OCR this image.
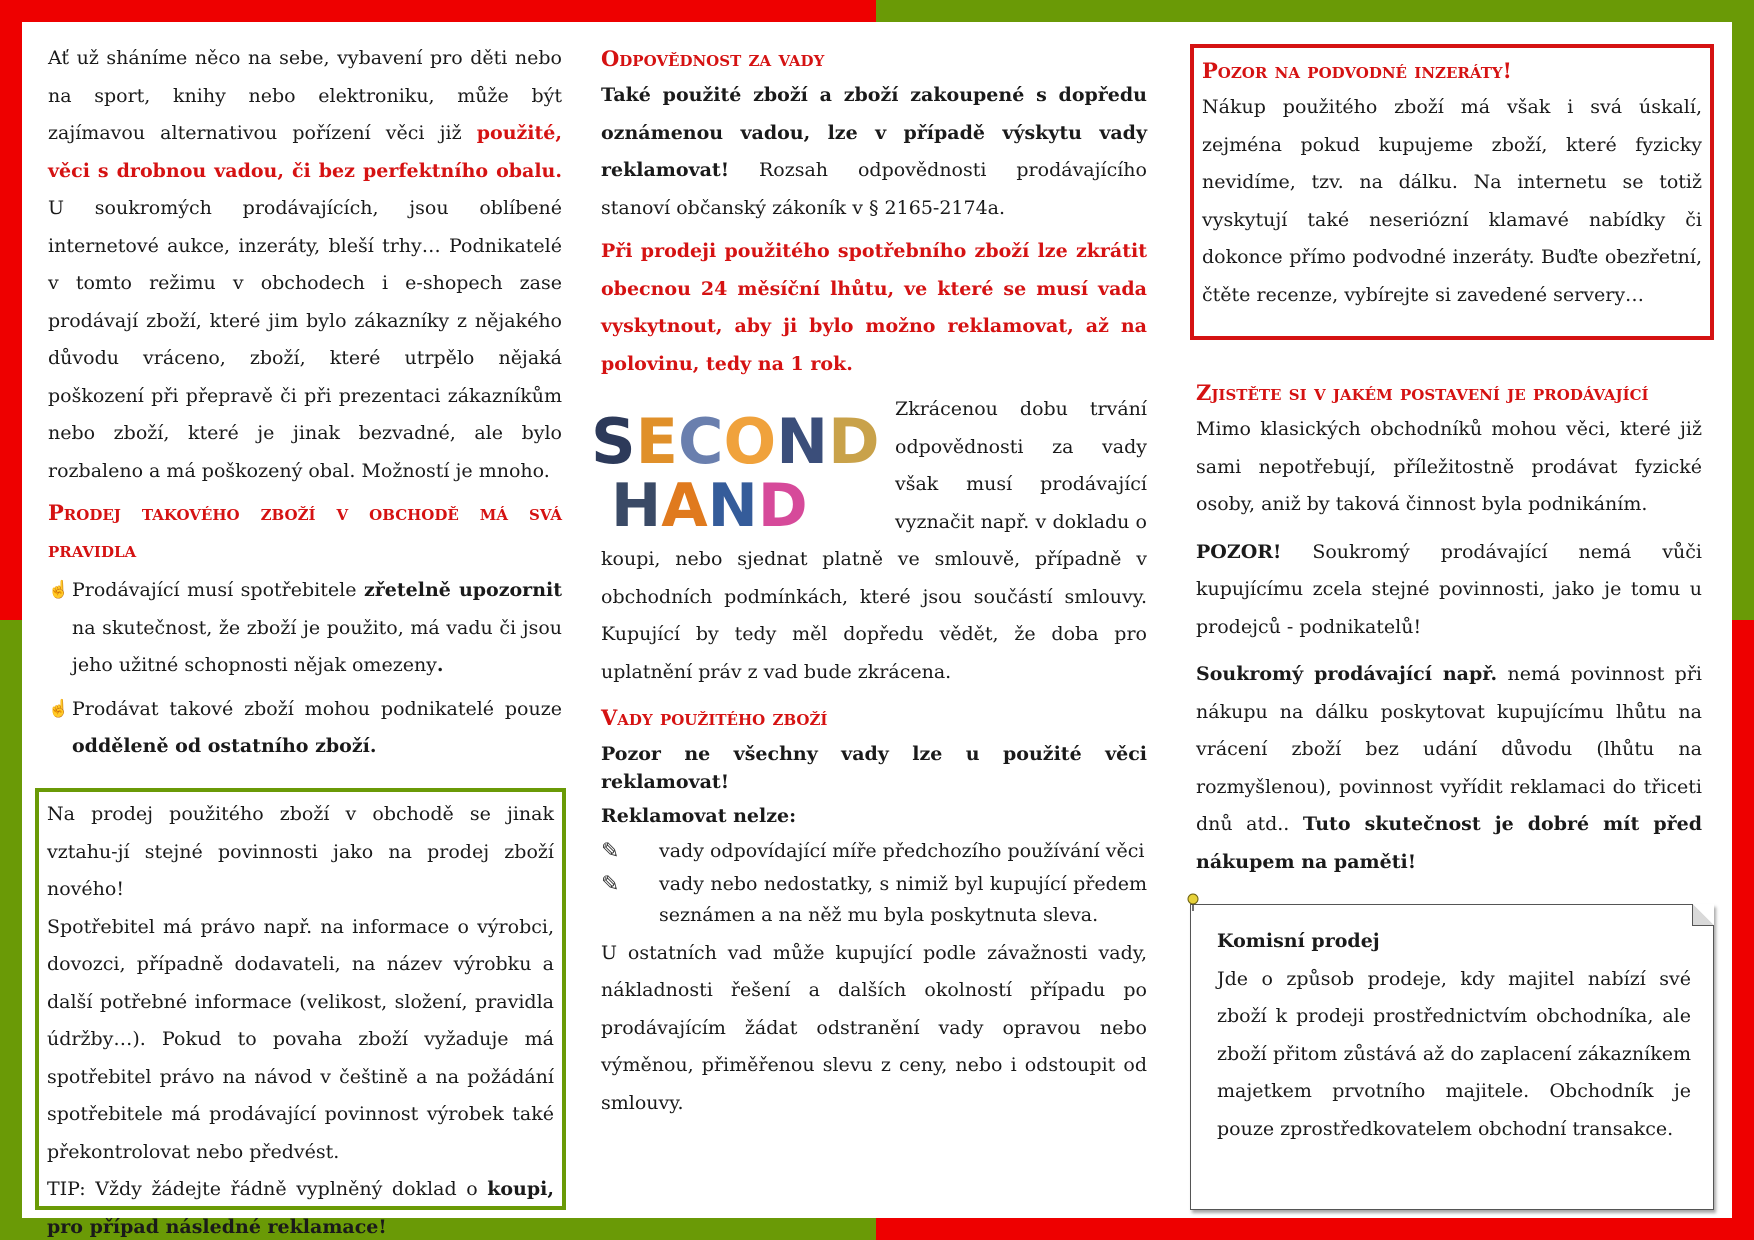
Ať už sháníme něco na sebe, vybavení pro děti nebo na sport, knihy nebo elektroniku, může být zajímavou alternativou pořízení věci již použité, věci s drobnou vadou, či bez perfektního obalu. U soukromých prodávajících, jsou oblíbené internetové aukce, inzeráty, bleší trhy… Podnikatelé v tomto režimu v obchodech i e-shopech zase prodávají zboží, které jim bylo zákazníky z nějakého důvodu vráceno, zboží, které utrpělo nějaká poškození při přepravě či při prezentaci zákazníkům nebo zboží, které je jinak bezvadné, ale bylo rozbaleno a má poškozený obal. Možností je mnoho.

Prodej takového zboží v obchodě má svá pravidla
☝ Prodávající musí spotřebitele zřetelně upozornit na skutečnost, že zboží je použito, má vadu či jsou jeho užitné schopnosti nějak omezeny.
☝ Prodávat takové zboží mohou podnikatelé pouze odděleně od ostatního zboží.

Na prodej použitého zboží v obchodě se jinak vztahu-jí stejné povinnosti jako na prodej zboží nového!

Spotřebitel má právo např. na informace o výrobci, dovozci, případně dodavateli, na název výrobku a další potřebné informace (velikost, složení, pravidla údržby…). Pokud to povaha zboží vyžaduje má spotřebitel právo na návod v češtině a na požádání spotřebitele má prodávající povinnost výrobek také překontrolovat nebo předvést.

TIP: Vždy žádejte řádně vyplněný doklad o koupi, pro případ následné reklamace!

Odpovědnost za vady

Také použité zboží a zboží zakoupené s dopředu oznámenou vadou, lze v případě výskytu vady reklamovat! Rozsah odpovědnosti prodávajícího stanoví občanský zákoník v § 2165-2174a.

Při prodeji použitého spotřebního zboží lze zkrátit obecnou 24 měsíční lhůtu, ve které se musí vada vyskytnout, aby ji bylo možno reklamovat, až na polovinu, tedy na 1 rok.

SECOND
HAND

Zkrácenou dobu trvání odpovědnosti za vady však musí prodávající vyznačit např. v dokladu o koupi, nebo sjednat platně ve smlouvě, případně v obchodních podmínkách, které jsou součástí smlouvy. Kupující by tedy měl dopředu vědět, že doba pro uplatnění práv z vad bude zkrácena.

Vady použitého zboží

Pozor ne všechny vady lze u použité věci reklamovat!

Reklamovat nelze:

✎ vady odpovídající míře předchozího používání věci
✎ vady nebo nedostatky, s nimiž byl kupující předem seznámen a na něž mu byla poskytnuta sleva.

U ostatních vad může kupující podle závažnosti vady, nákladnosti řešení a dalších okolností případu po prodávajícím žádat odstranění vady opravou nebo výměnou, přiměřenou slevu z ceny, nebo i odstoupit od smlouvy.

Pozor na podvodné inzeráty!

Nákup použitého zboží má však i svá úskalí, zejména pokud kupujeme zboží, které fyzicky nevidíme, tzv. na dálku. Na internetu se totiž vyskytují také neseriózní klamavé nabídky či dokonce přímo podvodné inzeráty. Buďte obezřetní, čtěte recenze, vybírejte si zavedené servery…

Zjistěte si v jakém postavení je prodávající

Mimo klasických obchodníků mohou věci, které již sami nepotřebují, příležitostně prodávat fyzické osoby, aniž by taková činnost byla podnikáním.

POZOR! Soukromý prodávající nemá vůči kupujícímu zcela stejné povinnosti, jako je tomu u prodejců - podnikatelů!

Soukromý prodávající např. nemá povinnost při nákupu na dálku poskytovat kupujícímu lhůtu na vrácení zboží bez udání důvodu (lhůtu na rozmyšlenou), povinnost vyřídit reklamaci do třiceti dnů atd.. Tuto skutečnost je dobré mít před nákupem na paměti!

Komisní prodej

Jde o způsob prodeje, kdy majitel nabízí své zboží k prodeji prostřednictvím obchodníka, ale zboží přitom zůstává až do zaplacení zákazníkem majetkem prvotního majitele. Obchodník je pouze zprostředkovatelem obchodní transakce.
